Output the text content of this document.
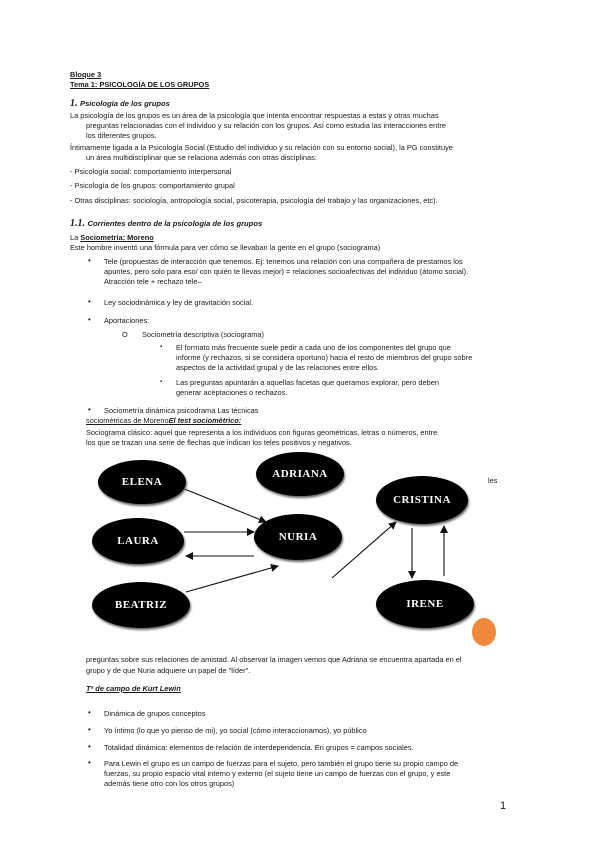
Bloque 3
Tema 1: PSICOLOGÍA DE LOS GRUPOS
1. Psicología de los grupos
La psicología de los grupos es un área de la psicología que intenta encontrar respuestas a estas y otras muchas
preguntas relacionadas con el individuo y su relación con los grupos. Así como estudia las interacciones entre
los diferentes grupos.
Íntimamente ligada a la Psicología Social (Estudio del individuo y su relación con su entorno social), la PG constituye
un área multidisciplinar que se relaciona además con otras disciplinas:
- Psicología social: comportamiento interpersonal
- Psicología de los grupos: comportamiento grupal
- Otras disciplinas: sociología, antropología social, psicoterapia, psicología del trabajo y las organizaciones, etc).
1.1. Corrientes dentro de la psicología de los grupos
La Sociometría: Moreno
Este hombre inventó una fórmula para ver cómo se llevaban la gente en el grupo (sociograma)
• Tele (propuestas de interacción que tenemos. Ej: tenemos una relación con una compañera de prestamos los
apuntes, pero solo para eso/ con quién te llevas mejor) = relaciones socioafectivas del individuo (átomo social).
Atracción tele + rechazo tele–
• Ley sociodinámica y ley de gravitación social.
• Aportaciones:
O Sociometría descriptiva (sociograma)
▪ El formato más frecuente suele pedir a cada uno de los componentes del grupo que
informe (y rechazos, si se considera oportuno) hacia el resto de miembros del grupo sobre
aspectos de la actividad grupal y de las relaciones entre ellos.
▪ Las preguntas apuntarán a aquellas facetas que queramos explorar, pero deben
generar aceptaciones o rechazos.
• Sociometría dinámica psicodrama Las técnicas
sociométricas de MorenoEl test sociométrico:
Sociograma clásico: aquel que representa a los individuos con figuras geométricas, letras o números, entre
los que se trazan una serie de flechas que indican los teles positivos y negativos.
les
ELENA
ADRIANA
LAURA	NURIA
BEATRIZ
CRISTINA
IRENE
preguntas sobre sus relaciones de amistad. Al observar la imagen vemos que Adriana se encuentra apartada en el
grupo y de que Nuria adquiere un papel de "líder".
Tª de campo de Kurt Lewin
• Dinámica de grupos conceptos
• Yo íntimo (lo que yo pienso de mi), yo social (cómo interaccionamos), yo público
• Totalidad dinámica: elementos de relación de interdependencia. En grupos = campos sociales.
• Para Lewin el grupo es un campo de fuerzas para el sujeto, pero también el grupo tiene su propio campo de
fuerzas, su propio espacio vital interno y externo (el sujeto tiene un campo de fuerzas con el grupo, y este
además tiene otro con los otros grupos)
1
